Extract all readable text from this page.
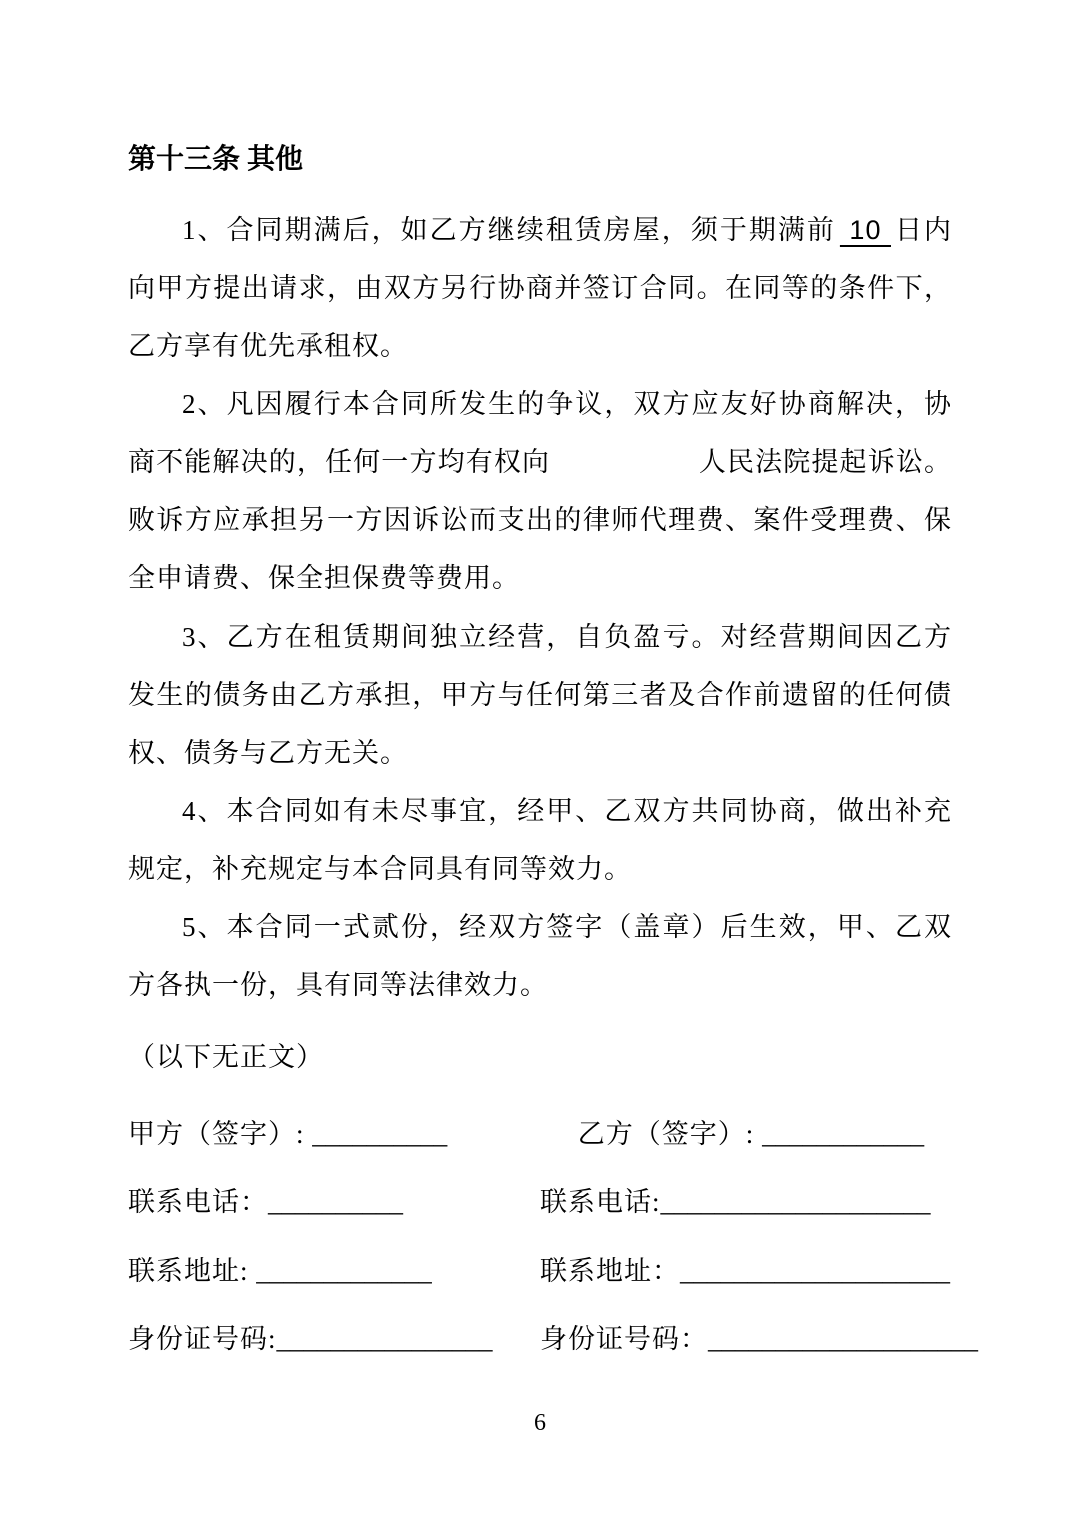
第十三条 其他

1、合同期满后，如乙方继续租赁房屋，须于期满前 10 日内向甲方提出请求，由双方另行协商并签订合同。在同等的条件下，乙方享有优先承租权。

2、凡因履行本合同所发生的争议，双方应友好协商解决，协商不能解决的，任何一方均有权向	人民法院提起诉讼。败诉方应承担另一方因诉讼而支出的律师代理费、案件受理费、保全申请费、保全担保费等费用。

3、乙方在租赁期间独立经营，自负盈亏。对经营期间因乙方发生的债务由乙方承担，甲方与任何第三者及合作前遗留的任何债权、债务与乙方无关。

4、本合同如有未尽事宜，经甲、乙双方共同协商，做出补充规定，补充规定与本合同具有同等效力。

5、本合同一式贰份，经双方签字（盖章）后生效，甲、乙双方各执一份，具有同等法律效力。

（以下无正文）

甲方（签字）: __________	乙方（签字）: ____________
联系电话：__________	联系电话:____________________
联系地址: _____________	联系地址：____________________
身份证号码:________________	身份证号码：____________________
6
